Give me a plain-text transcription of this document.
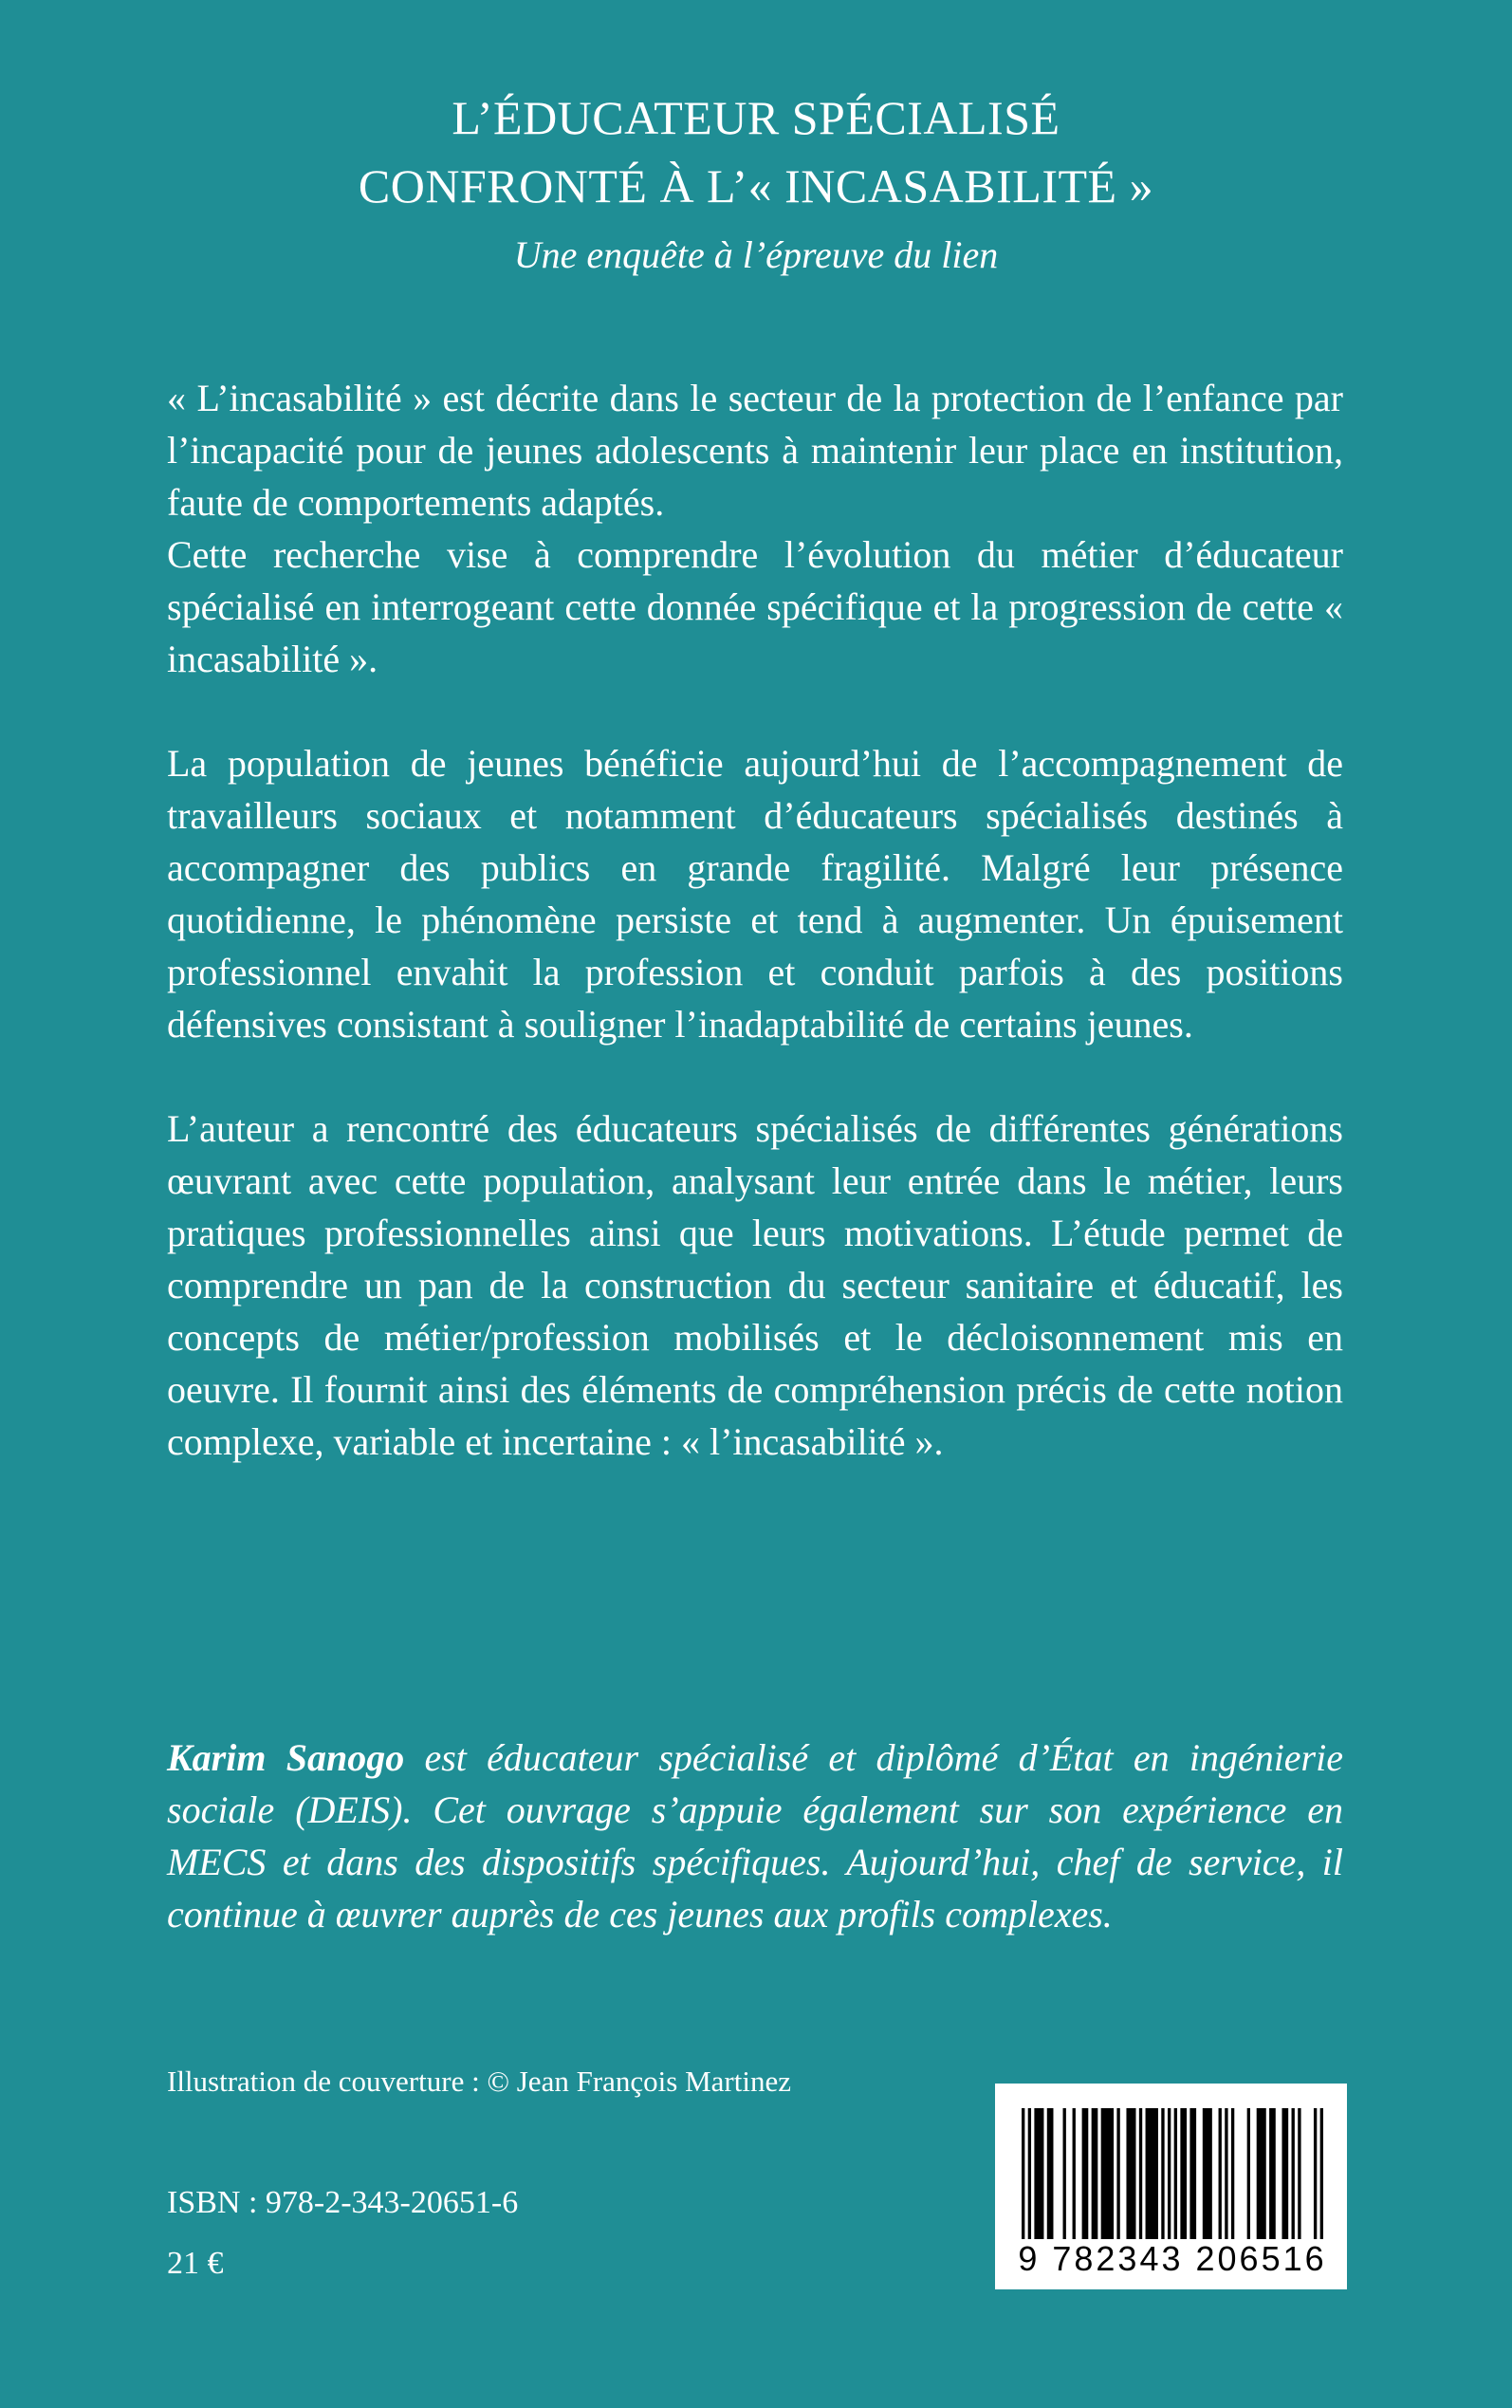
L’ÉDUCATEUR SPÉCIALISÉ
CONFRONTÉ À L’« INCASABILITÉ »
Une enquête à l’épreuve du lien

« L’incasabilité » est décrite dans le secteur de la protection de l’enfance par l’incapacité pour de jeunes adolescents à maintenir leur place en institution, faute de comportements adaptés.

Cette recherche vise à comprendre l’évolution du métier d’éducateur spécialisé en interrogeant cette donnée spécifique et la progression de cette « incasabilité ».

La population de jeunes bénéficie aujourd’hui de l’accompagnement de travailleurs sociaux et notamment d’éducateurs spécialisés destinés à accompagner des publics en grande fragilité. Malgré leur présence quotidienne, le phénomène persiste et tend à augmenter. Un épuisement professionnel envahit la profession et conduit parfois à des positions défensives consistant à souligner l’inadaptabilité de certains jeunes.

L’auteur a rencontré des éducateurs spécialisés de différentes générations œuvrant avec cette population, analysant leur entrée dans le métier, leurs pratiques professionnelles ainsi que leurs motivations. L’étude permet de comprendre un pan de la construction du secteur sanitaire et éducatif, les concepts de métier/profession mobilisés et le décloisonnement mis en oeuvre. Il fournit ainsi des éléments de compréhension précis de cette notion complexe, variable et incertaine : « l’incasabilité ».

Karim Sanogo est éducateur spécialisé et diplômé d’État en ingénierie sociale (DEIS). Cet ouvrage s’appuie également sur son expérience en MECS et dans des dispositifs spécifiques. Aujourd’hui, chef de service, il continue à œuvrer auprès de ces jeunes aux profils complexes.
Illustration de couverture : © Jean François Martinez
ISBN : 978-2-343-20651-6
21 €	9 782343 206516
